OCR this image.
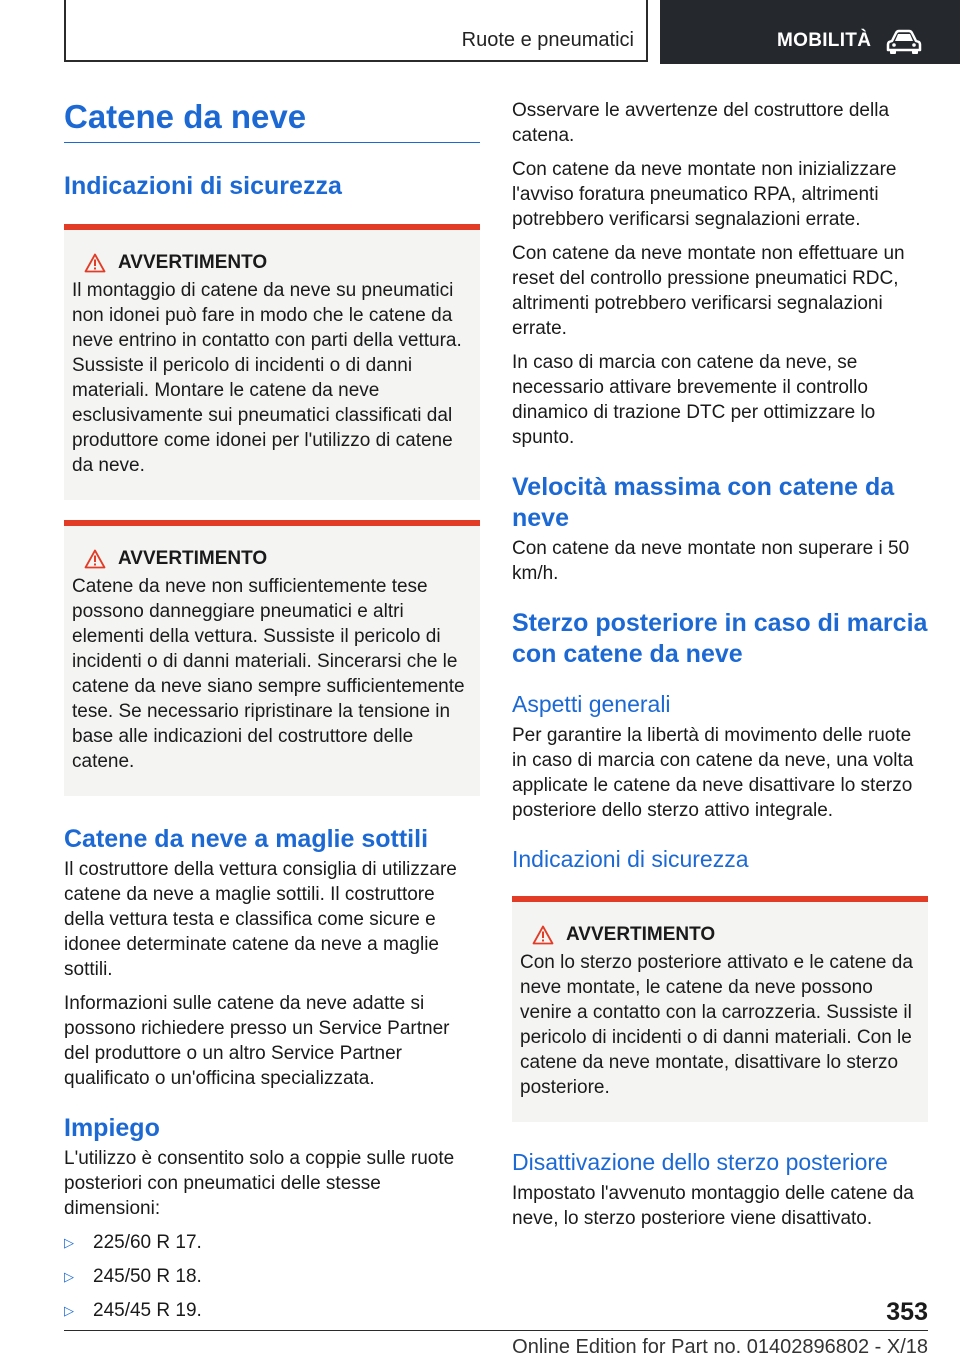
Ruote e pneumatici	MOBILITÀ
Catene da neve
Indicazioni di sicurezza
AVVERTIMENTO

Il montaggio di catene da neve su pneumatici non idonei può fare in modo che le catene da neve entrino in contatto con parti della vettura. Sussiste il pericolo di incidenti o di danni materiali. Montare le catene da neve esclusivamente sui pneumatici classificati dal produttore come idonei per l'utilizzo di catene da neve.

AVVERTIMENTO

Catene da neve non sufficientemente tese possono danneggiare pneumatici e altri elementi della vettura. Sussiste il pericolo di incidenti o di danni materiali. Sincerarsi che le catene da neve siano sempre sufficientemente tese. Se necessario ripristinare la tensione in base alle indicazioni del costruttore delle catene.

Catene da neve a maglie sottili

Il costruttore della vettura consiglia di utilizzare catene da neve a maglie sottili. Il costruttore della vettura testa e classifica come sicure e idonee determinate catene da neve a maglie sottili.

Informazioni sulle catene da neve adatte si possono richiedere presso un Service Partner del produttore o un altro Service Partner qualificato o un'officina specializzata.

Impiego

L'utilizzo è consentito solo a coppie sulle ruote posteriori con pneumatici delle stesse dimensioni:

▷	225/60 R 17.
▷	245/50 R 18.
▷	245/45 R 19.

Osservare le avvertenze del costruttore della catena.

Con catene da neve montate non inizializzare l'avviso foratura pneumatico RPA, altrimenti potrebbero verificarsi segnalazioni errate.

Con catene da neve montate non effettuare un reset del controllo pressione pneumatici RDC, altrimenti potrebbero verificarsi segnalazioni errate.

In caso di marcia con catene da neve, se necessario attivare brevemente il controllo dinamico di trazione DTC per ottimizzare lo spunto.

Velocità massima con catene da neve

Con catene da neve montate non superare i 50 km/h.

Sterzo posteriore in caso di marcia con catene da neve
Aspetti generali

Per garantire la libertà di movimento delle ruote in caso di marcia con catene da neve, una volta applicate le catene da neve disattivare lo sterzo posteriore dello sterzo attivo integrale.

Indicazioni di sicurezza
AVVERTIMENTO

Con lo sterzo posteriore attivato e le catene da neve montate, le catene da neve possono venire a contatto con la carrozzeria. Sussiste il pericolo di incidenti o di danni materiali. Con le catene da neve montate, disattivare lo sterzo posteriore.

Disattivazione dello sterzo posteriore

Impostato l'avvenuto montaggio delle catene da neve, lo sterzo posteriore viene disattivato.

353
Online Edition for Part no. 01402896802 - X/18
